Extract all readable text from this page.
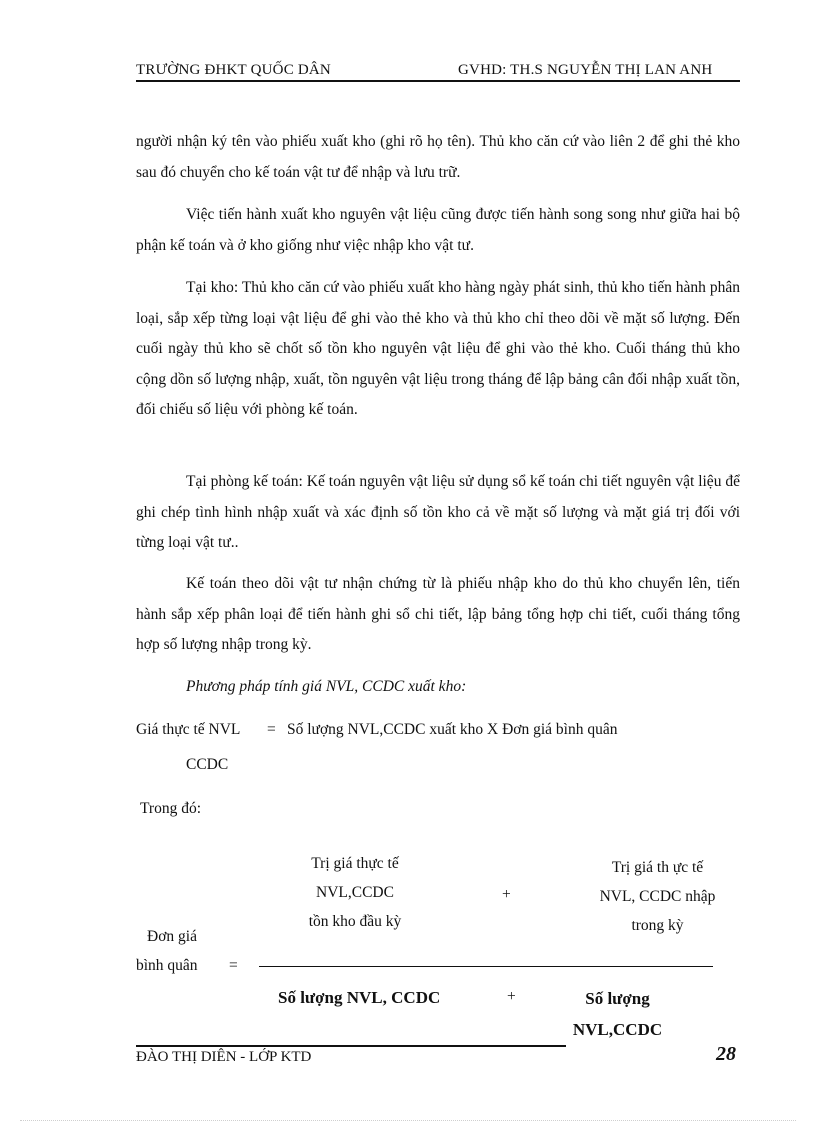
TRƯỜNG ĐHKT QUỐC DÂN	GVHD: TH.S NGUYỄN THỊ LAN ANH
người nhận ký tên vào phiếu xuất kho (ghi rõ họ tên). Thủ kho căn cứ vào liên 2 để ghi thẻ kho sau đó chuyển cho kế toán vật tư để nhập và lưu trữ.
Việc tiến hành xuất kho nguyên vật liệu cũng được tiến hành song song như giữa hai bộ phận kế toán và ở kho giống như việc nhập kho vật tư.
Tại kho: Thủ kho căn cứ vào phiếu xuất kho hàng ngày phát sinh, thủ kho tiến hành phân loại, sắp xếp từng loại vật liệu để ghi vào thẻ kho và thủ kho chỉ theo dõi về mặt số lượng. Đến cuối ngày thủ kho sẽ chốt số tồn kho nguyên vật liệu để ghi vào thẻ kho. Cuối tháng thủ kho cộng dồn số lượng nhập, xuất, tồn nguyên vật liệu trong tháng để lập bảng cân đối nhập xuất tồn, đối chiếu số liệu với phòng kế toán.
Tại phòng kế toán: Kế toán nguyên vật liệu sử dụng sổ kế toán chi tiết nguyên vật liệu để ghi chép tình hình nhập xuất và xác định số tồn kho cả về mặt số lượng và mặt giá trị đối với từng loại vật tư..
Kế toán theo dõi vật tư nhận chứng từ là phiếu nhập kho do thủ kho chuyển lên, tiến hành sắp xếp phân loại để tiến hành ghi sổ chi tiết, lập bảng tổng hợp chi tiết, cuối tháng tổng hợp số lượng nhập trong kỳ.
Phương pháp tính giá NVL, CCDC xuất kho:
Giá thực tế NVL = Số lượng NVL,CCDC xuất kho X Đơn giá bình quân
CCDC
Trong đó:
Trị giá thực tế
NVL,CCDC
tồn kho đầu kỳ
+
Trị giá th ực tế
NVL, CCDC nhập
trong kỳ
Đơn giá
bình quân =
Số lượng NVL, CCDC	+	Số lượng
NVL,CCDC
ĐÀO THỊ DIÊN - LỚP KTD	28
